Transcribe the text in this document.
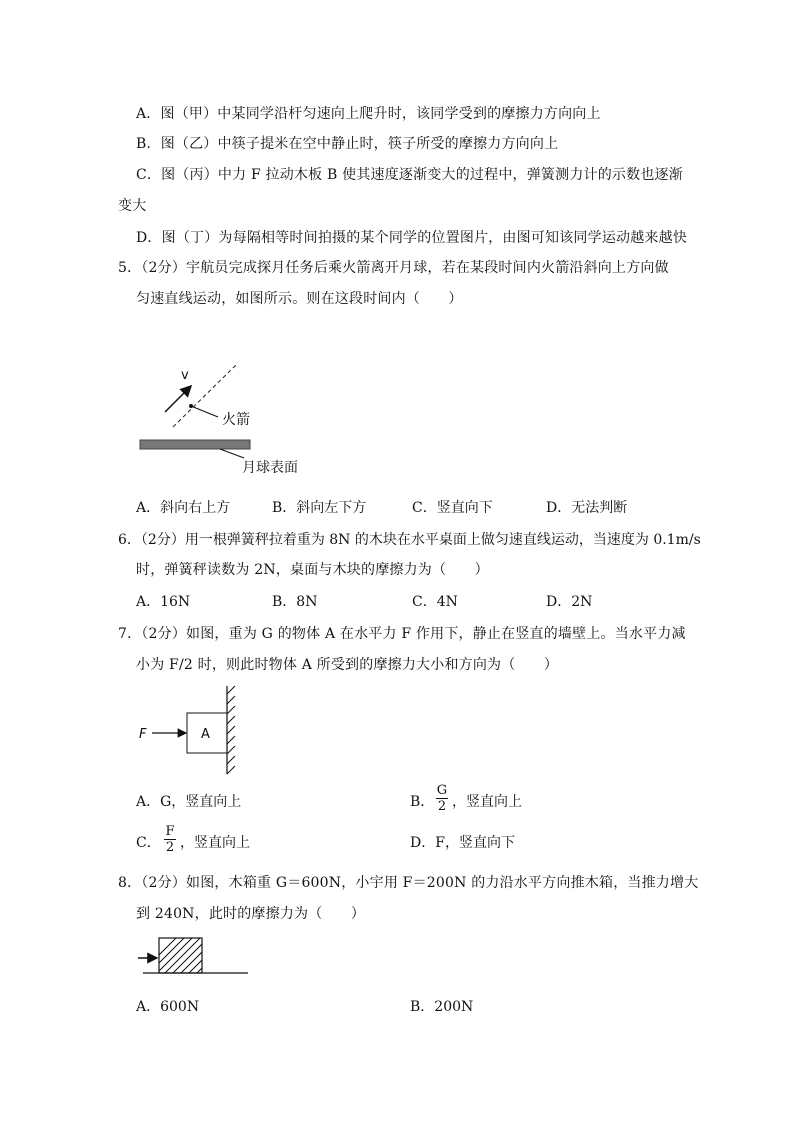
A．图（甲）中某同学沿杆匀速向上爬升时，该同学受到的摩擦力方向向上
B．图（乙）中筷子提米在空中静止时，筷子所受的摩擦力方向向上
C．图（丙）中力 F 拉动木板 B 使其速度逐渐变大的过程中，弹簧测力计的示数也逐渐
变大
D．图（丁）为每隔相等时间拍摄的某个同学的位置图片，由图可知该同学运动越来越快
5．（2分）宇航员完成探月任务后乘火箭离开月球，若在某段时间内火箭沿斜向上方向做
匀速直线运动，如图所示。则在这段时间内（　　）
v
火箭
月球表面
A．斜向右上方	B．斜向左下方	C．竖直向下	D．无法判断
6．（2分）用一根弹簧秤拉着重为 8N 的木块在水平桌面上做匀速直线运动，当速度为 0.1m/s
时，弹簧秤读数为 2N，桌面与木块的摩擦力为（　　）
A．16N	B．8N	C．4N	D．2N
7．（2分）如图，重为 G 的物体 A 在水平力 F 作用下，静止在竖直的墙壁上。当水平力减
小为 F/2 时，则此时物体 A 所受到的摩擦力大小和方向为（　　）
F	A
A．G，竖直向上	B．
G
2 ，竖直向上
C．
F
2 ，竖直向上	D．F，竖直向下
8．（2分）如图，木箱重 G＝600N，小宇用 F＝200N 的力沿水平方向推木箱，当推力增大
到 240N，此时的摩擦力为（　　）
A．600N	B．200N
